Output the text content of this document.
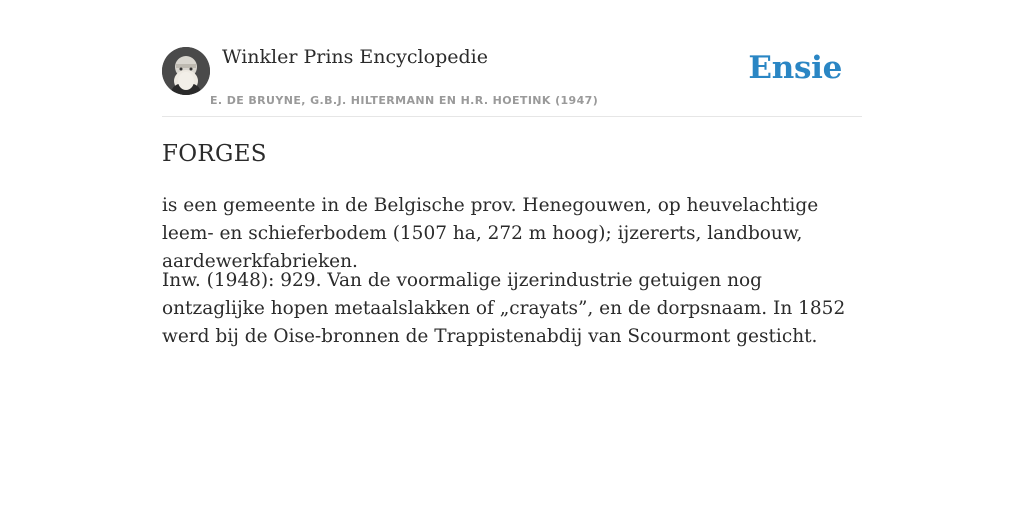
Winkler Prins Encyclopedie
E. DE BRUYNE, G.B.J. HILTERMANN EN H.R. HOETINK (1947)
Ensie
FORGES

is een gemeente in de Belgische prov. Henegouwen, op heuvelachtige leem- en schieferbodem (1507 ha, 272 m hoog); ijzererts, landbouw, aardewerkfabrieken.

Inw. (1948): 929. Van de voormalige ijzerindustrie getuigen nog ontzaglijke hopen metaalslakken of „crayats”, en de dorpsnaam. In 1852 werd bij de Oise-bronnen de Trappistenabdij van Scourmont gesticht.
